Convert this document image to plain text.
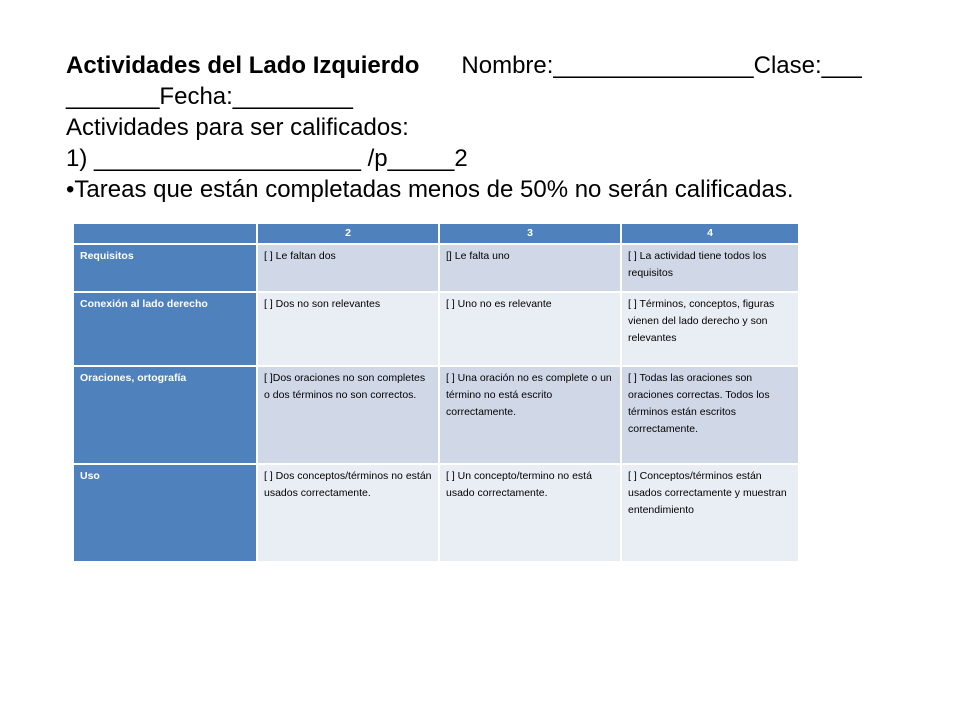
Actividades del Lado Izquierdo Nombre:_______________Clase:___
_______Fecha:_________
Actividades para ser calificados:
1) ____________________ /p_____2
•Tareas que están completadas menos de 50% no serán calificadas.
	2	3	4
Requisitos	[ ] Le faltan dos	[] Le falta uno	[ ] La actividad tiene todos los requisitos
Conexión al lado derecho	[ ] Dos no son relevantes	[ ] Uno no es relevante	[ ] Términos, conceptos, figuras vienen del lado derecho y son relevantes
Oraciones, ortografía	[ ]Dos oraciones no son completes o dos términos no son correctos.	[ ] Una oración no es complete o un término no está escrito correctamente.	[ ] Todas las oraciones son oraciones correctas. Todos los términos están escritos correctamente.
Uso	[ ] Dos conceptos/términos no están usados correctamente.	[ ] Un concepto/termino no está usado correctamente.	[ ] Conceptos/términos están usados correctamente y muestran entendimiento
